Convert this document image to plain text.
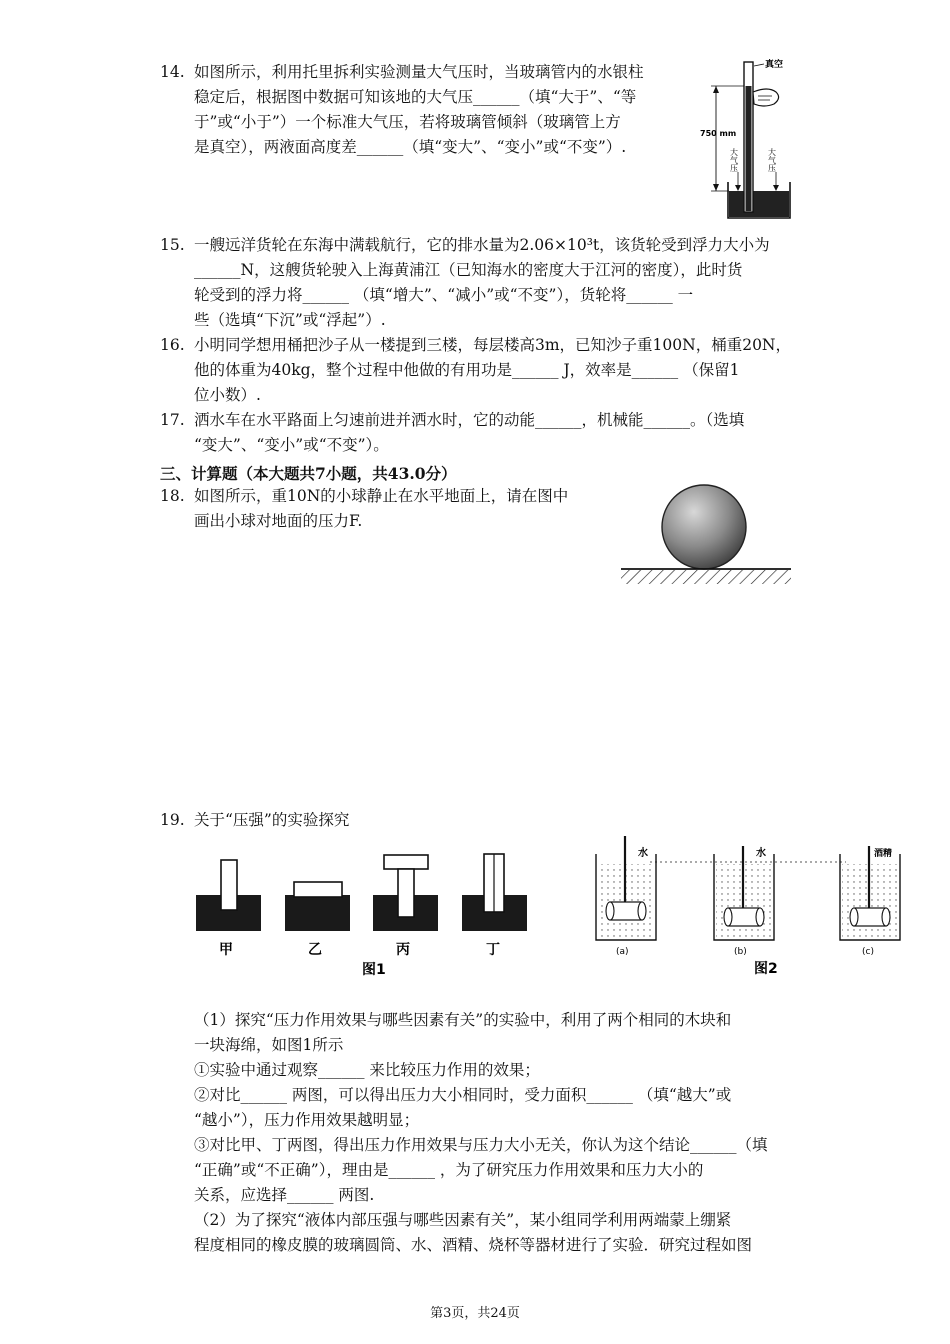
14. 如图所示，利用托里拆利实验测量大气压时，当玻璃管内的水银柱
稳定后，根据图中数据可知该地的大气压______（填“大于”、“等
于”或“小于”）一个标准大气压，若将玻璃管倾斜（玻璃管上方
是真空），两液面高度差______（填“变大”、“变小”或“不变”）.
真空
750 mm
大气压	大气压
15. 一艘远洋货轮在东海中满载航行，它的排水量为2.06×10³t，该货轮受到浮力大小为
______N，这艘货轮驶入上海黄浦江（已知海水的密度大于江河的密度），此时货
轮受到的浮力将______ （填“增大”、“减小”或“不变”），货轮将______ 一
些（选填“下沉”或“浮起”）.
16. 小明同学想用桶把沙子从一楼提到三楼，每层楼高3m，已知沙子重100N，桶重20N，
他的体重为40kg，整个过程中他做的有用功是______ J，效率是______ （保留1
位小数）.
17. 洒水车在水平路面上匀速前进并洒水时，它的动能______，机械能______。（选填
“变大”、“变小”或“不变”）。
三、计算题（本大题共7小题，共43.0分）
18. 如图所示，重10N的小球静止在水平地面上，请在图中
画出小球对地面的压力F.
19. 关于“压强”的实验探究
甲	乙	丙	丁
图1
水
(a)
水
(b)
酒精
(c)
图2
（1）探究“压力作用效果与哪些因素有关”的实验中，利用了两个相同的木块和
一块海绵，如图1所示
①实验中通过观察______ 来比较压力作用的效果；
②对比______ 两图，可以得出压力大小相同时，受力面积______ （填“越大”或
“越小”），压力作用效果越明显；
③对比甲、丁两图，得出压力作用效果与压力大小无关，你认为这个结论______（填
“正确”或“不正确”），理由是______ ，为了研究压力作用效果和压力大小的
关系，应选择______ 两图.
（2）为了探究“液体内部压强与哪些因素有关”，某小组同学利用两端蒙上绷紧
程度相同的橡皮膜的玻璃圆筒、水、酒精、烧杯等器材进行了实验．研究过程如图
第3页，共24页
